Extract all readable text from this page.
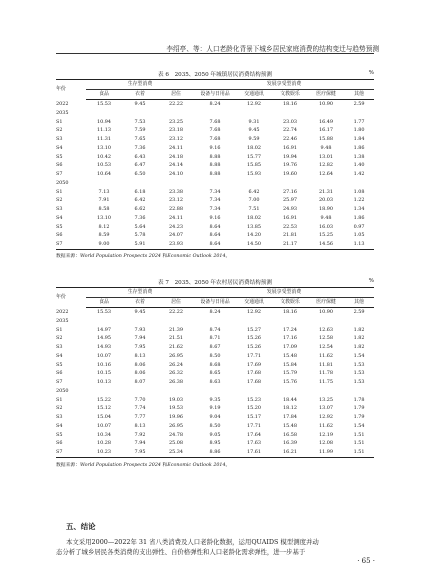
李绍亭、等：人口老龄化背景下城乡居民家庭消费的结构变迁与趋势预测
表 6　2035、2050 年城镇居民消费结构预测	%
年份	生存型消费			发展享受型消费				
	食品	衣着	居住	设备与日用品	交通通讯	文教娱乐	医疗保健	其他
2022	15.53	9.45	22.22	8.24	12.92	18.16	10.90	2.59
2035								
S1	10.94	7.53	23.25	7.68	9.31	23.03	16.49	1.77
S2	11.13	7.59	23.18	7.68	9.45	22.74	16.17	1.80
S3	11.31	7.65	23.12	7.68	9.59	22.46	15.88	1.84
S4	13.10	7.36	24.11	9.16	18.02	16.91	9.48	1.86
S5	10.42	6.43	24.18	8.88	15.77	19.94	13.01	1.38
S6	10.53	6.47	24.14	8.88	15.85	19.76	12.82	1.40
S7	10.64	6.50	24.10	8.88	15.93	19.60	12.64	1.42
2050								
S1	7.13	6.18	23.38	7.34	6.42	27.16	21.31	1.08
S2	7.91	6.42	23.12	7.34	7.00	25.97	20.03	1.22
S3	8.58	6.62	22.88	7.34	7.51	24.93	18.90	1.34
S4	13.10	7.36	24.11	9.16	18.02	16.91	9.48	1.86
S5	8.12	5.64	24.23	8.64	13.85	22.53	16.03	0.97
S6	8.59	5.78	24.07	8.64	14.20	21.81	15.25	1.05
S7	9.00	5.91	23.93	8.64	14.50	21.17	14.56	1.13
数据来源：World Population Prospects 2024 和Economic Outlook 2014。
表 7　2035、2050 年农村居民消费结构预测	%
年份	生存型消费			发展享受型消费				
	食品	衣着	居住	设备与日用品	交通通讯	文教娱乐	医疗保健	其他
2022	15.53	9.45	22.22	8.24	12.92	18.16	10.90	2.59
2035								
S1	14.97	7.93	21.39	8.74	15.27	17.24	12.63	1.82
S2	14.95	7.94	21.51	8.71	15.26	17.16	12.58	1.82
S3	14.93	7.95	21.62	8.67	15.26	17.09	12.54	1.82
S4	10.07	8.13	26.95	8.50	17.71	15.48	11.62	1.54
S5	10.16	8.06	26.24	8.68	17.69	15.84	11.81	1.53
S6	10.15	8.06	26.32	8.65	17.68	15.79	11.78	1.53
S7	10.13	8.07	26.38	8.63	17.68	15.76	11.75	1.53
2050								
S1	15.22	7.70	19.03	9.35	15.23	18.44	13.25	1.78
S2	15.12	7.74	19.53	9.19	15.20	18.12	13.07	1.79
S3	15.04	7.77	19.96	9.04	15.17	17.84	12.92	1.79
S4	10.07	8.13	26.95	8.50	17.71	15.48	11.62	1.54
S5	10.34	7.92	24.78	9.05	17.64	16.58	12.19	1.51
S6	10.28	7.94	25.08	8.95	17.63	16.39	12.08	1.51
S7	10.23	7.95	25.34	8.86	17.61	16.21	11.99	1.51
数据来源：World Population Prospects 2024 和Economic Outlook 2014。
五、结论
本文采用2000—2022年 31 省八类消费及人口老龄化数据，运用QUAIDS 模型测度并动
态分析了城乡居民各类消费的支出弹性、自价格弹性和人口老龄化需求弹性，进一步基于
· 65 ·
